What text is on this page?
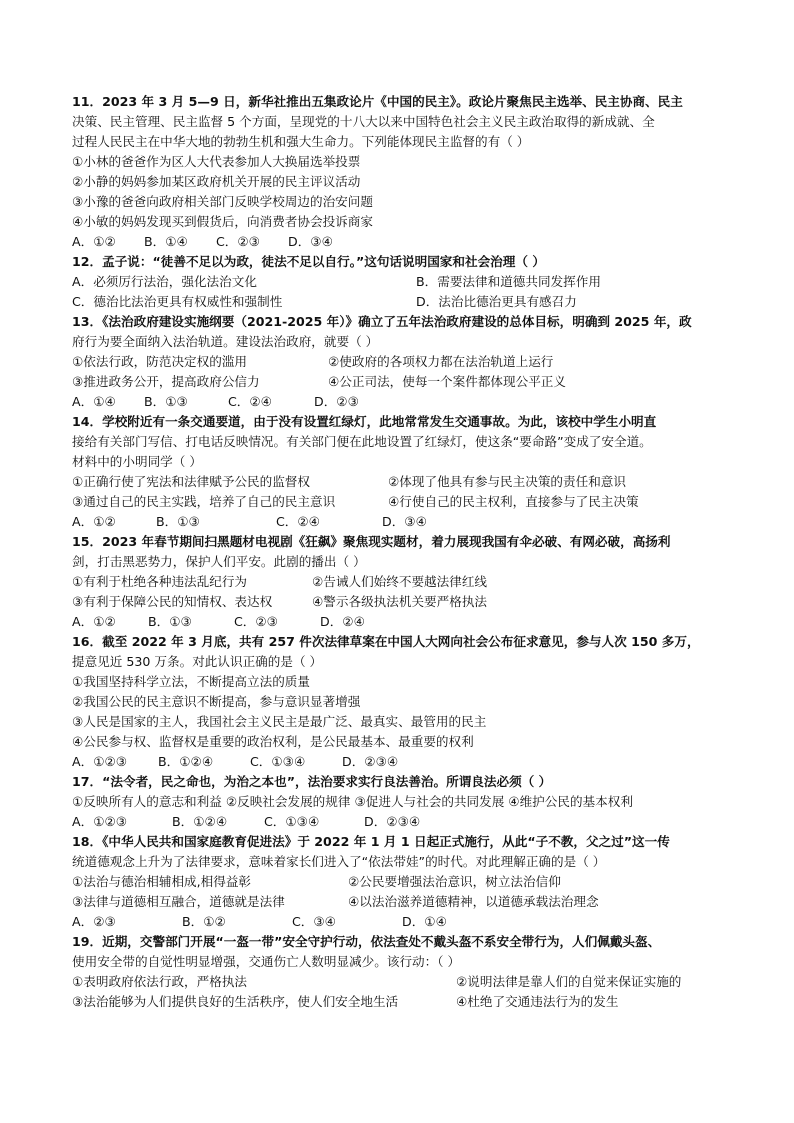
11．2023 年 3 月 5—9 日，新华社推出五集政论片《中国的民主》。政论片聚焦民主选举、民主协商、民主
决策、民主管理、民主监督 5 个方面，呈现党的十八大以来中国特色社会主义民主政治取得的新成就、全
过程人民民主在中华大地的勃勃生机和强大生命力。下列能体现民主监督的有（ ）
①小林的爸爸作为区人大代表参加人大换届选举投票
②小静的妈妈参加某区政府机关开展的民主评议活动
③小豫的爸爸向政府相关部门反映学校周边的治安问题
④小敏的妈妈发现买到假货后，向消费者协会投诉商家
A．①②	B．①④	C．②③	D．③④
12．孟子说：“徒善不足以为政，徒法不足以自行。”这句话说明国家和社会治理（ ）
A．必须厉行法治，强化法治文化	B．需要法律和道德共同发挥作用
C．德治比法治更具有权威性和强制性	D．法治比德治更具有感召力
13．《法治政府建设实施纲要（2021-2025 年）》确立了五年法治政府建设的总体目标，明确到 2025 年，政
府行为要全面纳入法治轨道。建设法治政府，就要（ ）
①依法行政，防范决定权的滥用	②使政府的各项权力都在法治轨道上运行
③推进政务公开，提高政府公信力	④公正司法，使每一个案件都体现公平正义
A．①④	B．①③	C．②④	D．②③
14．学校附近有一条交通要道，由于没有设置红绿灯，此地常常发生交通事故。为此，该校中学生小明直
接给有关部门写信、打电话反映情况。有关部门便在此地设置了红绿灯，使这条“要命路”变成了安全道。
材料中的小明同学（ ）
①正确行使了宪法和法律赋予公民的监督权	②体现了他具有参与民主决策的责任和意识
③通过自己的民主实践，培养了自己的民主意识	④行使自己的民主权利，直接参与了民主决策
A．①②	B．①③	C．②④	D．③④
15．2023 年春节期间扫黑题材电视剧《狂飙》聚焦现实题材，着力展现我国有伞必破、有网必破，高扬利
剑，打击黑恶势力，保护人们平安。此剧的播出（ ）
①有利于杜绝各种违法乱纪行为	②告诫人们始终不要越法律红线
③有利于保障公民的知情权、表达权	④警示各级执法机关要严格执法
A．①②	B．①③	C．②③	D．②④
16．截至 2022 年 3 月底，共有 257 件次法律草案在中国人大网向社会公布征求意见，参与人次 150 多万，
提意见近 530 万条。对此认识正确的是（ ）
①我国坚持科学立法，不断提高立法的质量
②我国公民的民主意识不断提高，参与意识显著增强
③人民是国家的主人，我国社会主义民主是最广泛、最真实、最管用的民主
④公民参与权、监督权是重要的政治权利，是公民最基本、最重要的权利
A．①②③	B．①②④	C．①③④	D．②③④
17．“法令者，民之命也，为治之本也”，法治要求实行良法善治。所谓良法必须（ ）
①反映所有人的意志和利益 ②反映社会发展的规律 ③促进人与社会的共同发展 ④维护公民的基本权利
A．①②③	B．①②④	C．①③④	D．②③④
18．《中华人民共和国家庭教育促进法》于 2022 年 1 月 1 日起正式施行，从此“子不教，父之过”这一传
统道德观念上升为了法律要求，意味着家长们进入了“依法带娃”的时代。对此理解正确的是（ ）
①法治与德治相辅相成,相得益彰	②公民要增强法治意识，树立法治信仰
③法律与道德相互融合，道德就是法律	④以法治滋养道德精神，以道德承载法治理念
A．②③	B．①②	C．③④	D．①④
19．近期，交警部门开展“一盔一带”安全守护行动，依法查处不戴头盔不系安全带行为，人们佩戴头盔、
使用安全带的自觉性明显增强，交通伤亡人数明显减少。该行动：（ ）
①表明政府依法行政，严格执法	②说明法律是靠人们的自觉来保证实施的
③法治能够为人们提供良好的生活秩序，使人们安全地生活	④杜绝了交通违法行为的发生
